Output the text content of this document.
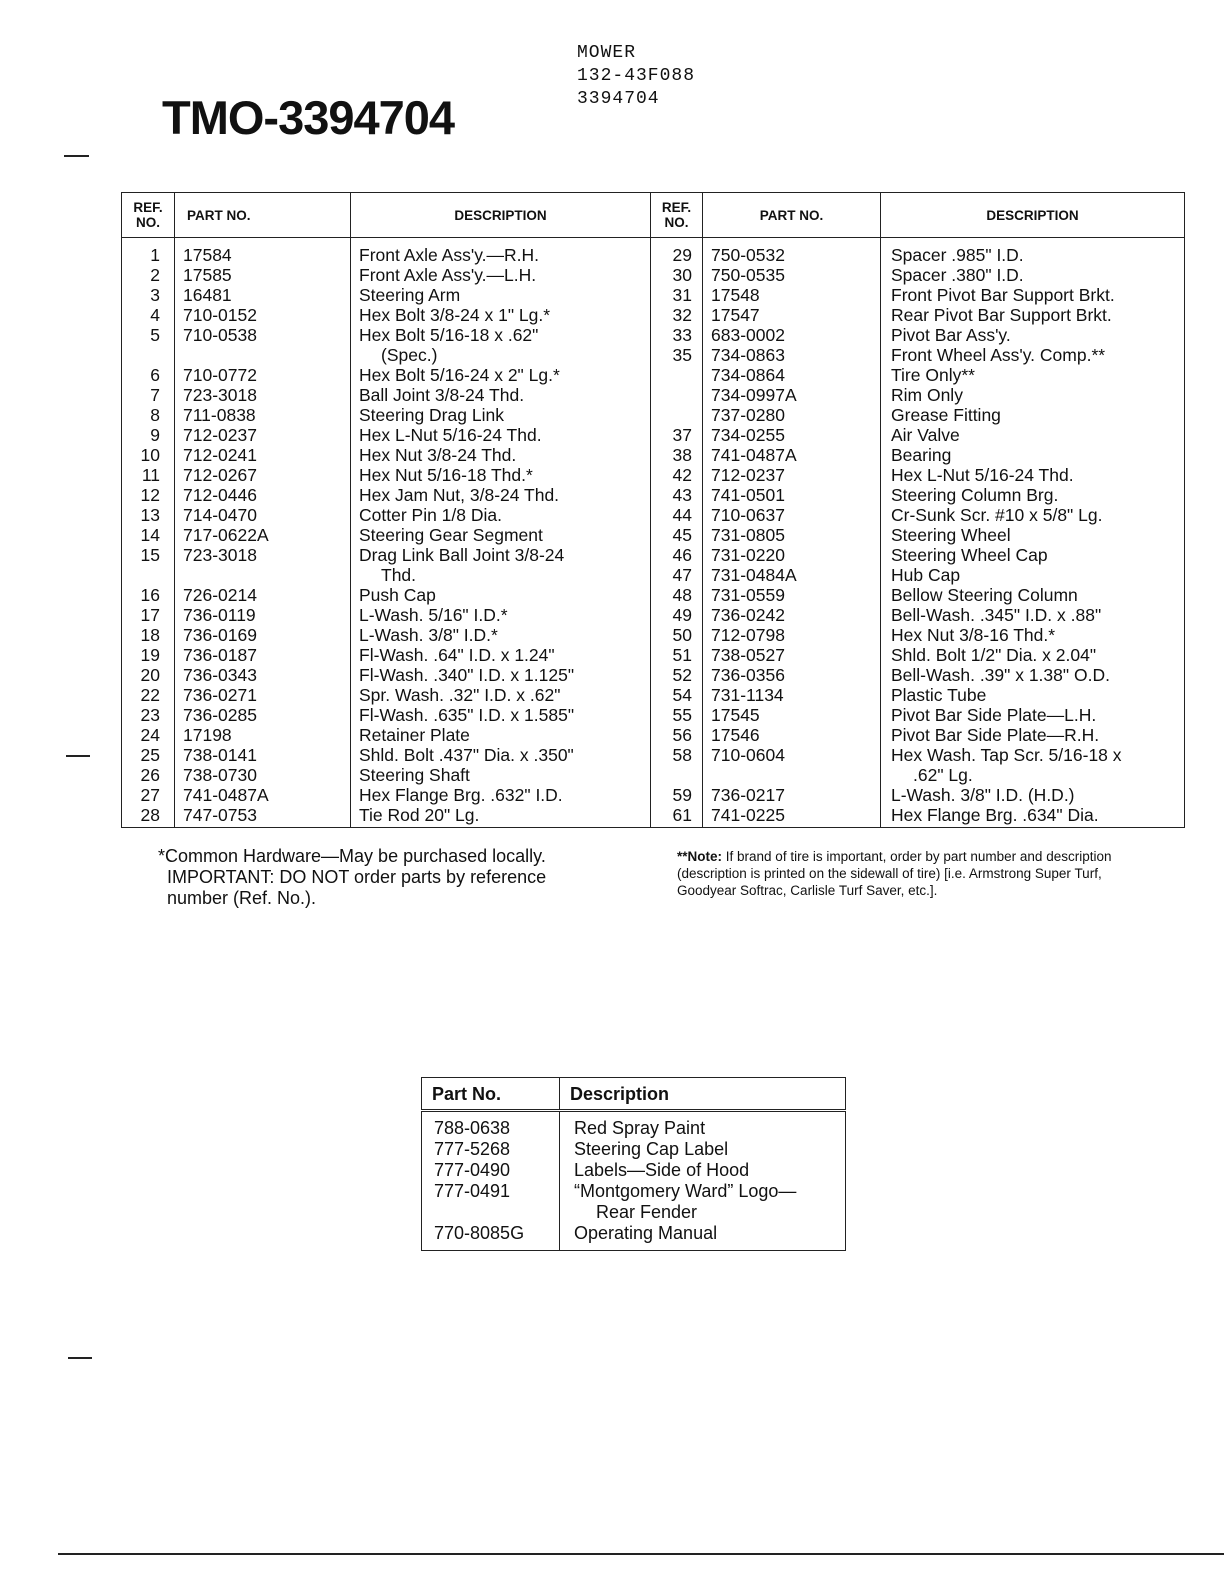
TMO-3394704
MOWER
132-43F088
3394704
REF. NO.	PART NO.	DESCRIPTION	REF. NO.	PART NO.	DESCRIPTION
1	17584	Front Axle Ass'y.—R.H.	29	750-0532	Spacer .985" I.D.
2	17585	Front Axle Ass'y.—L.H.	30	750-0535	Spacer .380" I.D.
3	16481	Steering Arm	31	17548	Front Pivot Bar Support Brkt.
4	710-0152	Hex Bolt 3/8-24 x 1" Lg.*	32	17547	Rear Pivot Bar Support Brkt.
5	710-0538	Hex Bolt 5/16-18 x .62"	33	683-0002	Pivot Bar Ass'y.
		(Spec.)	35	734-0863	Front Wheel Ass'y. Comp.**
6	710-0772	Hex Bolt 5/16-24 x 2" Lg.*		734-0864	Tire Only**
7	723-3018	Ball Joint 3/8-24 Thd.		734-0997A	Rim Only
8	711-0838	Steering Drag Link		737-0280	Grease Fitting
9	712-0237	Hex L-Nut 5/16-24 Thd.	37	734-0255	Air Valve
10	712-0241	Hex Nut 3/8-24 Thd.	38	741-0487A	Bearing
11	712-0267	Hex Nut 5/16-18 Thd.*	42	712-0237	Hex L-Nut 5/16-24 Thd.
12	712-0446	Hex Jam Nut, 3/8-24 Thd.	43	741-0501	Steering Column Brg.
13	714-0470	Cotter Pin 1/8 Dia.	44	710-0637	Cr-Sunk Scr. #10 x 5/8" Lg.
14	717-0622A	Steering Gear Segment	45	731-0805	Steering Wheel
15	723-3018	Drag Link Ball Joint 3/8-24	46	731-0220	Steering Wheel Cap
		Thd.	47	731-0484A	Hub Cap
16	726-0214	Push Cap	48	731-0559	Bellow Steering Column
17	736-0119	L-Wash. 5/16" I.D.*	49	736-0242	Bell-Wash. .345" I.D. x .88"
18	736-0169	L-Wash. 3/8" I.D.*	50	712-0798	Hex Nut 3/8-16 Thd.*
19	736-0187	Fl-Wash. .64" I.D. x 1.24"	51	738-0527	Shld. Bolt 1/2" Dia. x 2.04"
20	736-0343	Fl-Wash. .340" I.D. x 1.125"	52	736-0356	Bell-Wash. .39" x 1.38" O.D.
22	736-0271	Spr. Wash. .32" I.D. x .62"	54	731-1134	Plastic Tube
23	736-0285	Fl-Wash. .635" I.D. x 1.585"	55	17545	Pivot Bar Side Plate—L.H.
24	17198	Retainer Plate	56	17546	Pivot Bar Side Plate—R.H.
25	738-0141	Shld. Bolt .437" Dia. x .350"	58	710-0604	Hex Wash. Tap Scr. 5/16-18 x
26	738-0730	Steering Shaft			.62" Lg.
27	741-0487A	Hex Flange Brg. .632" I.D.	59	736-0217	L-Wash. 3/8" I.D. (H.D.)
28	747-0753	Tie Rod 20" Lg.	61	741-0225	Hex Flange Brg. .634" Dia.
*Common Hardware—May be purchased locally.
IMPORTANT: DO NOT order parts by reference
number (Ref. No.).
**Note: If brand of tire is important, order by part number and description (description is printed on the sidewall of tire) [i.e. Armstrong Super Turf, Goodyear Softrac, Carlisle Turf Saver, etc.].
Part No.	Description
788-0638	Red Spray Paint
777-5268	Steering Cap Label
777-0490	Labels—Side of Hood
777-0491	“Montgomery Ward” Logo—
	Rear Fender
770-8085G	Operating Manual
